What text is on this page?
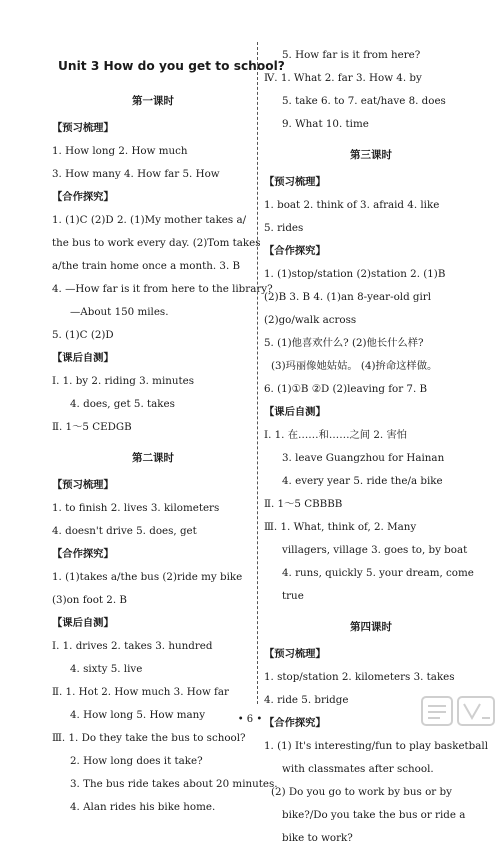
Unit 3 How do you get to school?
第一课时
【预习梳理】
1. How long 2. How much
3. How many 4. How far 5. How
【合作探究】
1. (1)C (2)D 2. (1)My mother takes a/
the bus to work every day. (2)Tom takes
a/the train home once a month. 3. B
4. —How far is it from here to the library?
—About 150 miles.
5. (1)C (2)D
【课后自测】
Ⅰ. 1. by 2. riding 3. minutes
4. does, get 5. takes
Ⅱ. 1～5 CEDGB
第二课时
【预习梳理】
1. to finish 2. lives 3. kilometers
4. doesn't drive 5. does, get
【合作探究】
1. (1)takes a/the bus (2)ride my bike
(3)on foot 2. B
【课后自测】
Ⅰ. 1. drives 2. takes 3. hundred
4. sixty 5. live
Ⅱ. 1. Hot 2. How much 3. How far
4. How long 5. How many
Ⅲ. 1. Do they take the bus to school?
2. How long does it take?
3. The bus ride takes about 20 minutes.
4. Alan rides his bike home.
5. How far is it from here?
Ⅳ. 1. What 2. far 3. How 4. by
5. take 6. to 7. eat/have 8. does
9. What 10. time
第三课时
【预习梳理】
1. boat 2. think of 3. afraid 4. like
5. rides
【合作探究】
1. (1)stop/station (2)station 2. (1)B
(2)B 3. B 4. (1)an 8-year-old girl
(2)go/walk across
5. (1)他喜欢什么? (2)他长什么样?
(3)玛丽像她姑姑。 (4)拚命这样做。
6. (1)①B ②D (2)leaving for 7. B
【课后自测】
Ⅰ. 1. 在……和……之间 2. 害怕
3. leave Guangzhou for Hainan
4. every year 5. ride the/a bike
Ⅱ. 1～5 CBBBB
Ⅲ. 1. What, think of, 2. Many
villagers, village 3. goes to, by boat
4. runs, quickly 5. your dream, come
true
第四课时
【预习梳理】
1. stop/station 2. kilometers 3. takes
4. ride 5. bridge
【合作探究】
1. (1) It's interesting/fun to play basketball
with classmates after school.
(2) Do you go to work by bus or by
bike?/Do you take the bus or ride a
bike to work?
• 6 •
